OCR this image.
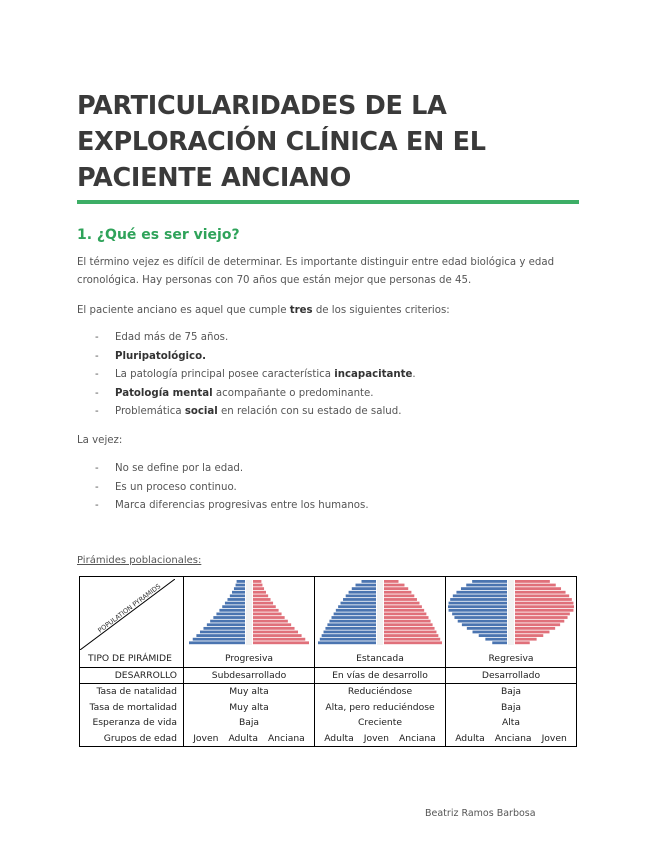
PARTICULARIDADES DE LA
EXPLORACIÓN CLÍNICA EN EL
PACIENTE ANCIANO
1. ¿Qué es ser viejo?

El término vejez es difícil de determinar. Es importante distinguir entre edad biológica y edad cronológica. Hay personas con 70 años que están mejor que personas de 45.

El paciente anciano es aquel que cumple tres de los siguientes criterios:

- Edad más de 75 años.
- Pluripatológico.
- La patología principal posee característica incapacitante.
- Patología mental acompañante o predominante.
- Problemática social en relación con su estado de salud.

La vejez:

- No se define por la edad.
- Es un proceso continuo.
- Marca diferencias progresivas entre los humanos.
Pirámides poblacionales:
POPULATION PYRAMIDS

TIPO DE PIRÁMIDE	Progresiva	Estancada	Regresiva
DESARROLLO	Subdesarrollado	En vías de desarrollo	Desarrollado
Tasa de natalidad	Muy alta	Reduciéndose	Baja
Tasa de mortalidad	Muy alta	Alta, pero reduciéndose	Baja
Esperanza de vida	Baja	Creciente	Alta
Grupos de edad	Joven Adulta Anciana	Adulta Joven Anciana	Adulta Anciana Joven
Beatriz Ramos Barbosa
